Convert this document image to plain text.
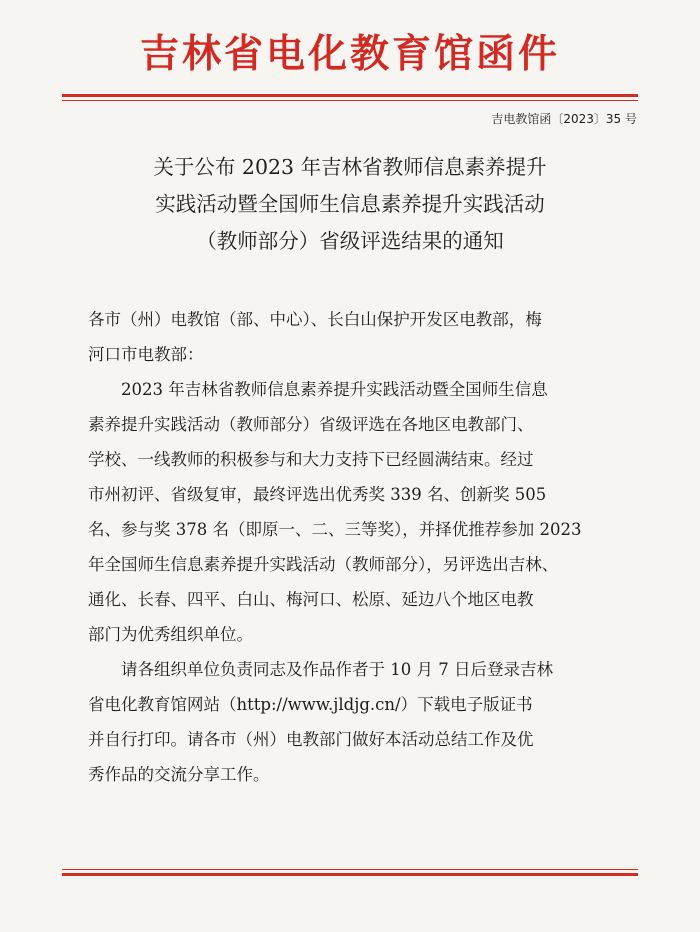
吉林省电化教育馆函件
吉电教馆函〔2023〕35 号
关于公布 2023 年吉林省教师信息素养提升
实践活动暨全国师生信息素养提升实践活动
（教师部分）省级评选结果的通知
各市（州）电教馆（部、中心）、长白山保护开发区电教部，梅
河口市电教部：
2023 年吉林省教师信息素养提升实践活动暨全国师生信息
素养提升实践活动（教师部分）省级评选在各地区电教部门、
学校、一线教师的积极参与和大力支持下已经圆满结束。经过
市州初评、省级复审，最终评选出优秀奖 339 名、创新奖 505
名、参与奖 378 名（即原一、二、三等奖），并择优推荐参加 2023
年全国师生信息素养提升实践活动（教师部分），另评选出吉林、
通化、长春、四平、白山、梅河口、松原、延边八个地区电教
部门为优秀组织单位。
请各组织单位负责同志及作品作者于 10 月 7 日后登录吉林
省电化教育馆网站（http://www.jldjg.cn/）下载电子版证书
并自行打印。请各市（州）电教部门做好本活动总结工作及优
秀作品的交流分享工作。
